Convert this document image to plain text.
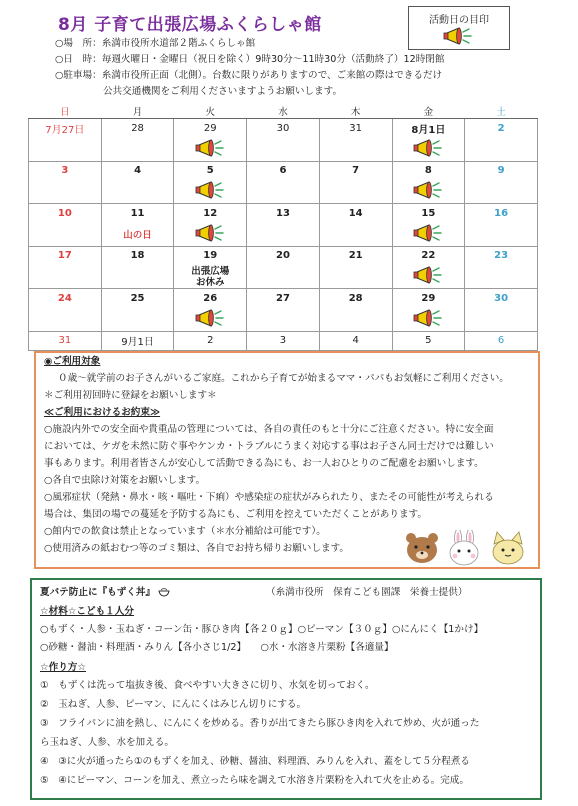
8月 子育て出張広場ふくらしゃ館	活動日の目印
○場　所：糸満市役所水道部２階ふくらしゃ館
○日　時：毎週火曜日・金曜日（祝日を除く）9時30分～11時30分（活動終了）12時閉館
○駐車場：糸満市役所正面（北側）。台数に限りがありますので、ご来館の際はできるだけ
　　　　　公共交通機関をご利用くださいますようお願いします。
日	月	火	水	木	金	土
7月27日	28	29	30	31	8月1日	2

3	4	5	6	7	8	9

10	11	12	13	14	15	16

	山の日

17	18	19	20	21	22	23

		出張広場お休み

24	25	26	27	28	29	30

31	9月1日	2	3	4	5	6
◉ご利用対象
０歳～就学前のお子さんがいるご家庭。これから子育てが始まるママ・パパもお気軽にご利用ください。
＊ご利用初回時に登録をお願いします＊
≪ご利用におけるお約束≫
○施設内外での安全面や貴重品の管理については、各自の責任のもと十分にご注意ください。特に安全面
においては、ケガを未然に防ぐ事やケンカ・トラブルにうまく対応する事はお子さん同士だけでは難しい
事もあります。利用者皆さんが安心して活動できる為にも、お一人おひとりのご配慮をお願いします。
○各自で虫除け対策をお願いします。
○風邪症状（発熱・鼻水・咳・嘔吐・下痢）や感染症の症状がみられたり、またその可能性が考えられる
場合は、集団の場での蔓延を予防する為にも、ご利用を控えていただくことがあります。
○館内での飲食は禁止となっています（＊水分補給は可能です）。
○使用済みの紙おむつ等のゴミ類は、各自でお持ち帰りお願いします。
夏バテ防止に『もずく丼』	（糸満市役所　保育こども園課　栄養士提供）
☆材料☆こども１人分
○もずく・人参・玉ねぎ・コーン缶・豚ひき肉【各２０ｇ】○ピーマン【３０ｇ】○にんにく【1かけ】
○砂糖・醤油・料理酒・みりん【各小さじ1/2】　　○水・水溶き片栗粉【各適量】
☆作り方☆
①　もずくは洗って塩抜き後、食べやすい大きさに切り、水気を切っておく。
②　玉ねぎ、人参、ピーマン、にんにくはみじん切りにする。
③　フライパンに油を熱し、にんにくを炒める。香りが出てきたら豚ひき肉を入れて炒め、火が通った
ら玉ねぎ、人参、水を加える。
④　③に火が通ったら①のもずくを加え、砂糖、醤油、料理酒、みりんを入れ、蓋をして５分程煮る
⑤　④にピーマン、コーンを加え、煮立ったら味を調えて水溶き片栗粉を入れて火を止める。完成。
